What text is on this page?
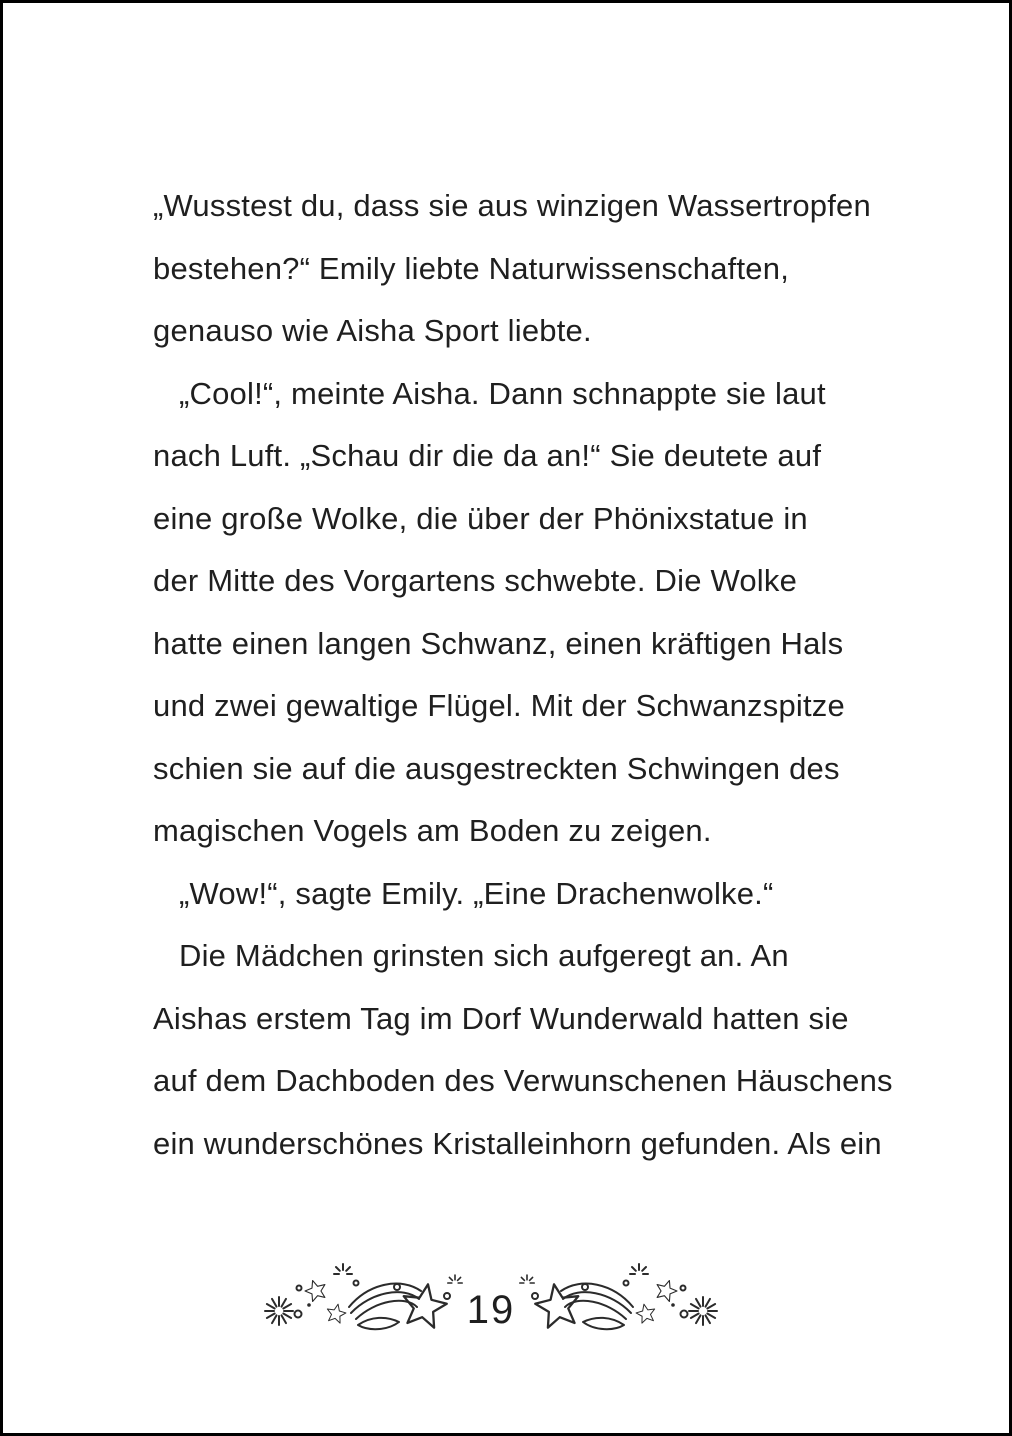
„Wusstest du, dass sie aus winzigen Wassertropfen
bestehen?“ Emily liebte Naturwissenschaften,
genauso wie Aisha Sport liebte.
„Cool!“, meinte Aisha. Dann schnappte sie laut
nach Luft. „Schau dir die da an!“ Sie deutete auf
eine große Wolke, die über der Phönixstatue in
der Mitte des Vorgartens schwebte. Die Wolke
hatte einen langen Schwanz, einen kräftigen Hals
und zwei gewaltige Flügel. Mit der Schwanzspitze
schien sie auf die ausgestreckten Schwingen des
magischen Vogels am Boden zu zeigen.
„Wow!“, sagte Emily. „Eine Drachenwolke.“
Die Mädchen grinsten sich aufgeregt an. An
Aishas erstem Tag im Dorf Wunderwald hatten sie
auf dem Dachboden des Verwunschenen Häuschens
ein wunderschönes Kristalleinhorn gefunden. Als ein
19
